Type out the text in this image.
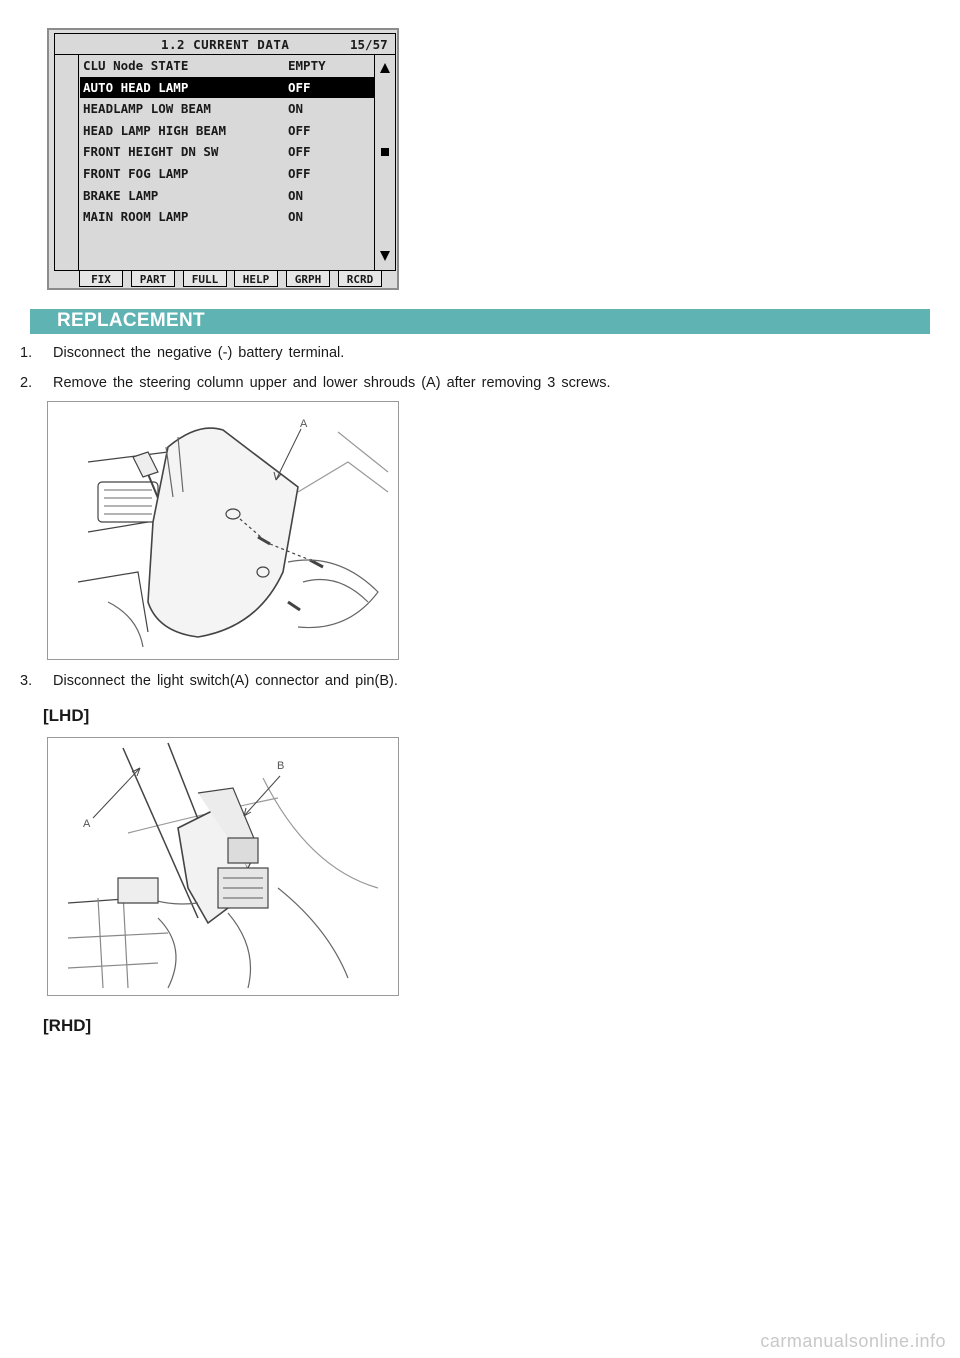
1.2 CURRENT DATA	15/57
CLU Node STATE	EMPTY
AUTO HEAD LAMP	OFF
HEADLAMP LOW BEAM	ON
HEAD LAMP HIGH BEAM	OFF
FRONT HEIGHT DN SW	OFF
FRONT FOG LAMP	OFF
BRAKE LAMP	ON
MAIN ROOM LAMP	ON
FIX	PART	FULL	HELP	GRPH	RCRD
REPLACEMENT
1. Disconnect the negative (-) battery terminal.
2. Remove the steering column upper and lower shrouds (A) after removing 3 screws.
A
3. Disconnect the light switch(A) connector and pin(B).
[LHD]
A
B
[RHD]
carmanualsonline.info
